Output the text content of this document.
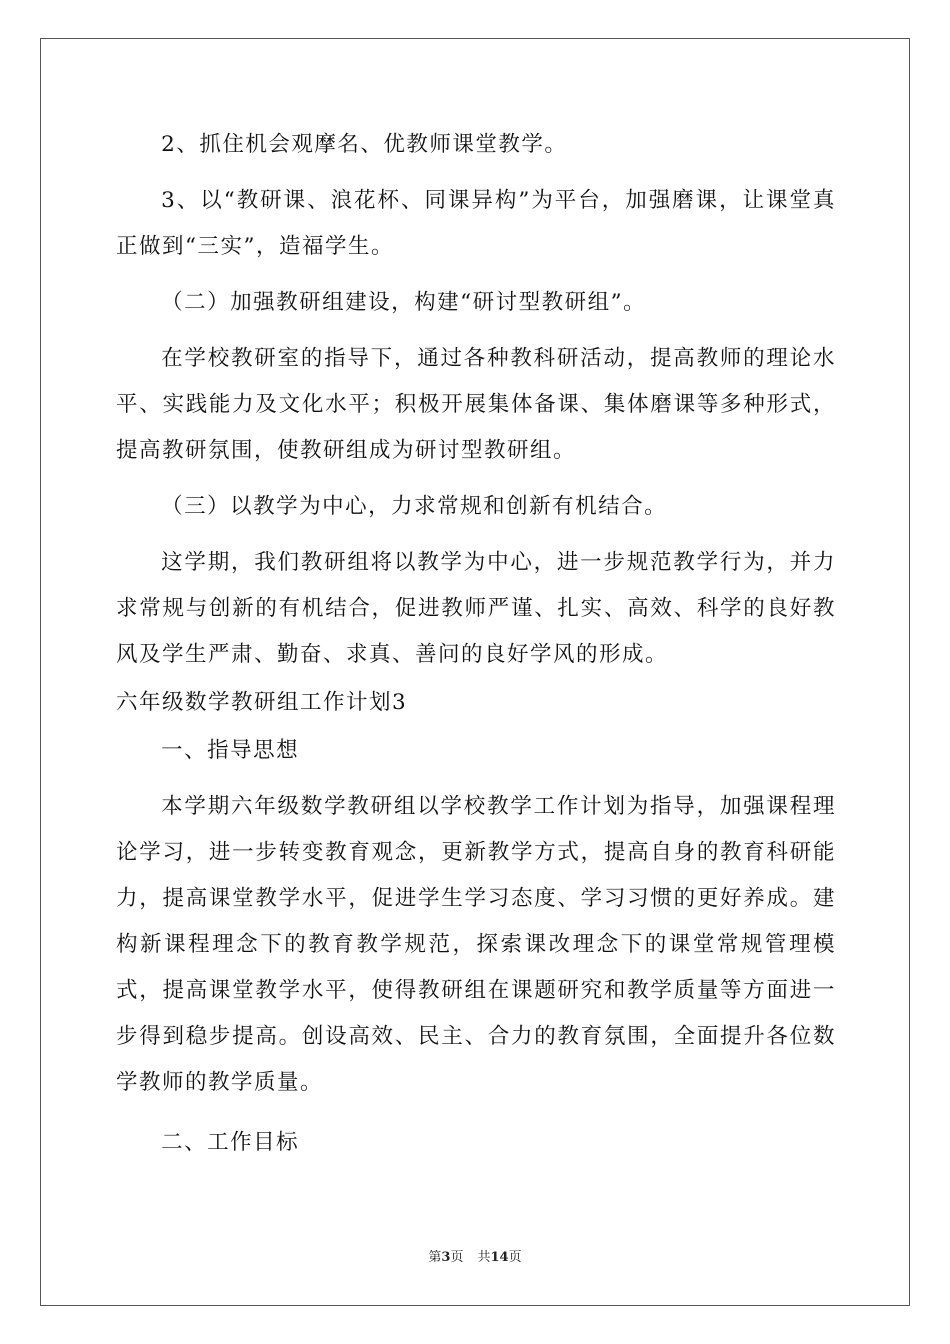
2、抓住机会观摩名、优教师课堂教学。

3、以“教研课、浪花杯、同课异构”为平台，加强磨课，让课堂真正做到“三实”，造福学生。

（二）加强教研组建设，构建“研讨型教研组”。

在学校教研室的指导下，通过各种教科研活动，提高教师的理论水平、实践能力及文化水平；积极开展集体备课、集体磨课等多种形式，提高教研氛围，使教研组成为研讨型教研组。

（三）以教学为中心，力求常规和创新有机结合。

这学期，我们教研组将以教学为中心，进一步规范教学行为，并力求常规与创新的有机结合，促进教师严谨、扎实、高效、科学的良好教风及学生严肃、勤奋、求真、善问的良好学风的形成。

六年级数学教研组工作计划3

一、指导思想

本学期六年级数学教研组以学校教学工作计划为指导，加强课程理论学习，进一步转变教育观念，更新教学方式，提高自身的教育科研能力，提高课堂教学水平，促进学生学习态度、学习习惯的更好养成。建构新课程理念下的教育教学规范，探索课改理念下的课堂常规管理模式，提高课堂教学水平，使得教研组在课题研究和教学质量等方面进一步得到稳步提高。创设高效、民主、合力的教育氛围，全面提升各位数学教师的教学质量。

二、工作目标

第3页 共14页
